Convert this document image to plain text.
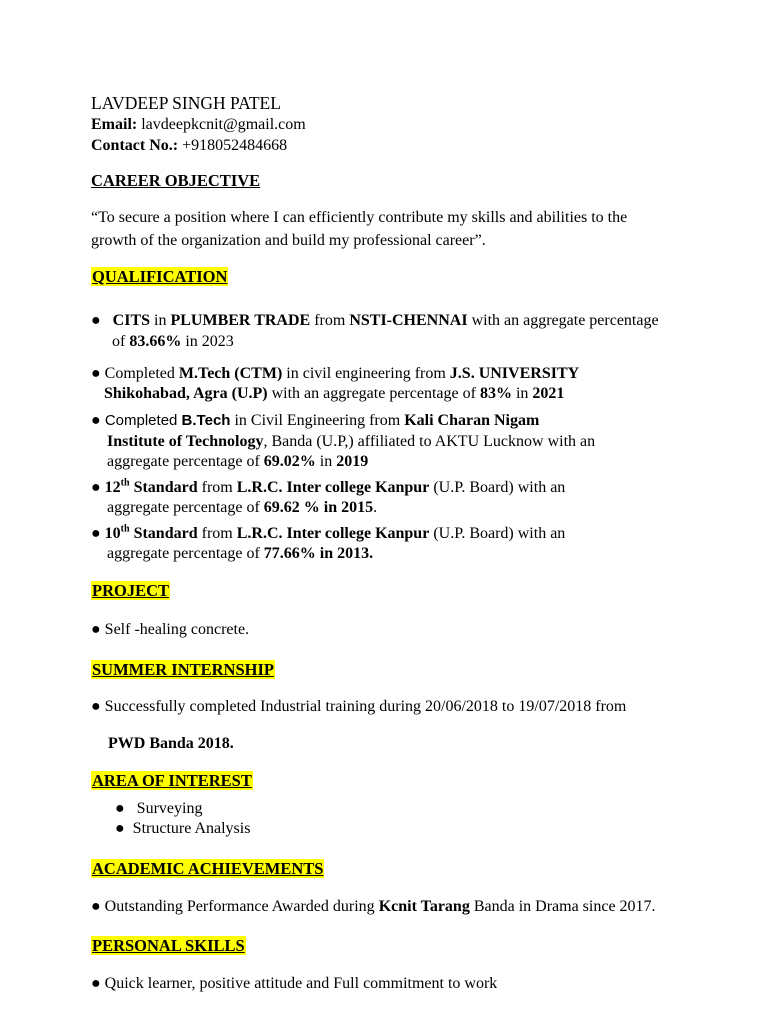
LAVDEEP SINGH PATEL
Email: lavdeepkcnit@gmail.com
Contact No.: +918052484668
CAREER OBJECTIVE
“To secure a position where I can efficiently contribute my skills and abilities to the
growth of the organization and build my professional career”.
QUALIFICATION
● CITS in PLUMBER TRADE from NSTI-CHENNAI with an aggregate percentage
of 83.66% in 2023
● Completed M.Tech (CTM) in civil engineering from J.S. UNIVERSITY
Shikohabad, Agra (U.P) with an aggregate percentage of 83% in 2021
● Completed B.Tech in Civil Engineering from Kali Charan Nigam
Institute of Technology, Banda (U.P,) affiliated to AKTU Lucknow with an
aggregate percentage of 69.02% in 2019
● 12th Standard from L.R.C. Inter college Kanpur (U.P. Board) with an
aggregate percentage of 69.62 % in 2015.
● 10th Standard from L.R.C. Inter college Kanpur (U.P. Board) with an
aggregate percentage of 77.66% in 2013.
PROJECT
● Self -healing concrete.
SUMMER INTERNSHIP
● Successfully completed Industrial training during 20/06/2018 to 19/07/2018 from
PWD Banda 2018.
AREA OF INTEREST
● Surveying
● Structure Analysis
ACADEMIC ACHIEVEMENTS
● Outstanding Performance Awarded during Kcnit Tarang Banda in Drama since 2017.
PERSONAL SKILLS
● Quick learner, positive attitude and Full commitment to work
